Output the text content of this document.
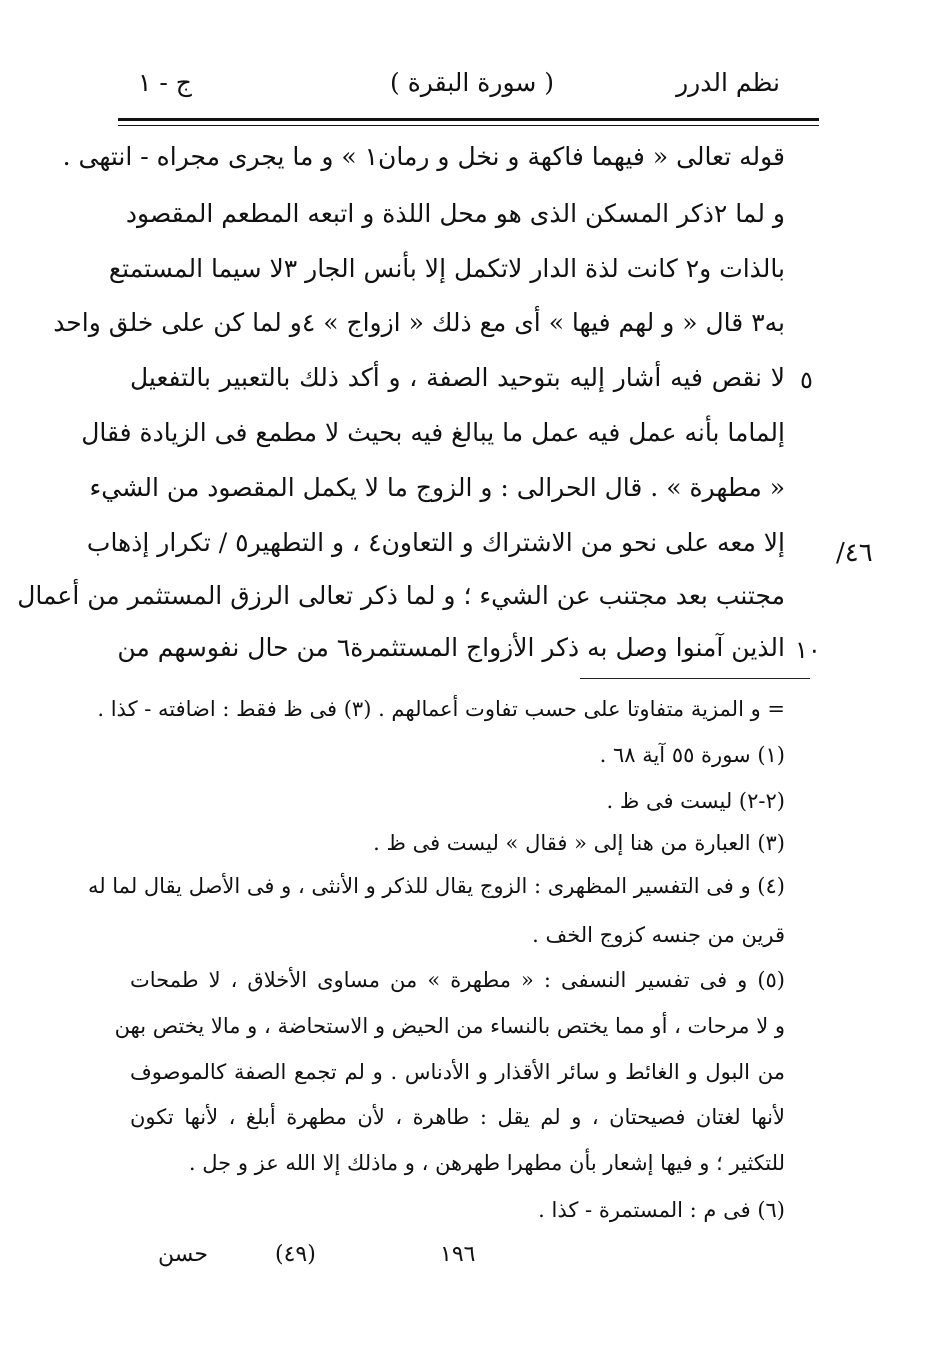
نظم الدرر
( سورة البقرة )
ج - ١
قوله تعالى « فيهما فاكهة و نخل و رمان١ » و ما يجرى مجراه - انتهى .
و لما ٢ذكر المسكن الذى هو محل اللذة و اتبعه المطعم المقصود
بالذات و٢ كانت لذة الدار لاتكمل إلا بأنس الجار ٣لا سيما المستمتع
به٣ قال « و لهم فيها » أى مع ذلك « ازواج » ٤و لما كن على خلق واحد
لا نقص فيه أشار إليه بتوحيد الصفة ، و أكد ذلك بالتعبير بالتفعيل
إلماما بأنه عمل فيه عمل ما يبالغ فيه بحيث لا مطمع فى الزيادة فقال
« مطهرة » . قال الحرالى : و الزوج ما لا يكمل المقصود من الشيء
إلا معه على نحو من الاشتراك و التعاون٤ ، و التطهير٥ / تكرار إذهاب
مجتنب بعد مجتنب عن الشيء ؛ و لما ذكر تعالى الرزق المستثمر من أعمال
الذين آمنوا وصل به ذكر الأزواج المستثمرة٦ من حال نفوسهم من
٥
١٠
٤٦/
= و المزية متفاوتا على حسب تفاوت أعمالهم . (٣) فى ظ فقط : اضافته - كذا .
(١) سورة ٥٥ آية ٦٨ .
(٢-٢) ليست فى ظ .
(٣) العبارة من هنا إلى « فقال » ليست فى ظ .
(٤) و فى التفسير المظهرى : الزوج يقال للذكر و الأنثى ، و فى الأصل يقال لما له
قرين من جنسه كزوج الخف .
(٥) و فى تفسير النسفى : « مطهرة » من مساوى الأخلاق ، لا طمحات
و لا مرحات ، أو مما يختص بالنساء من الحيض و الاستحاضة ، و مالا يختص بهن
من البول و الغائط و سائر الأقذار و الأدناس . و لم تجمع الصفة كالموصوف
لأنها لغتان فصيحتان ، و لم يقل : طاهرة ، لأن مطهرة أبلغ ، لأنها تكون
للتكثير ؛ و فيها إشعار بأن مطهرا طهرهن ، و ماذلك إلا الله عز و جل .
(٦) فى م : المستمرة - كذا .
١٩٦
(٤٩)
حسن
